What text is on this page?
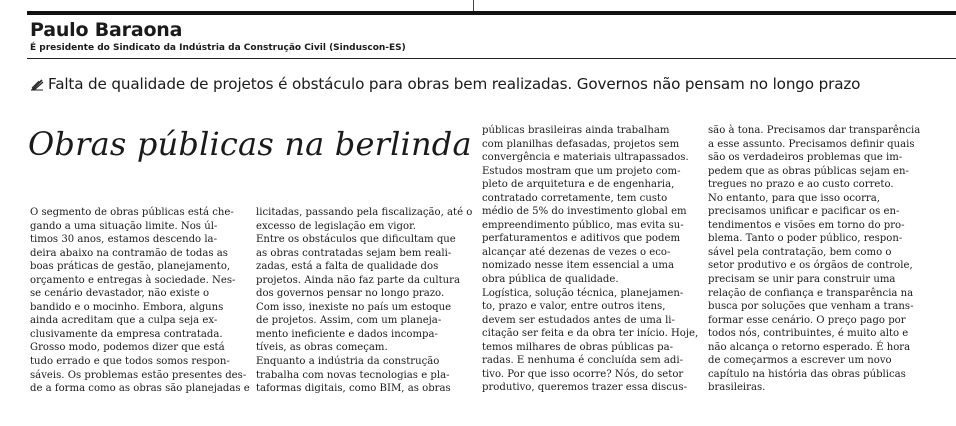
Paulo Baraona
É presidente do Sindicato da Indústria da Construção Civil (Sinduscon-ES)
Falta de qualidade de projetos é obstáculo para obras bem realizadas. Governos não pensam no longo prazo
Obras públicas na berlinda

O segmento de obras públicas está che-

gando a uma situação limite. Nos úl-

timos 30 anos, estamos descendo la-

deira abaixo na contramão de todas as

boas práticas de gestão, planejamento,

orçamento e entregas à sociedade. Nes-

se cenário devastador, não existe o

bandido e o mocinho. Embora, alguns

ainda acreditam que a culpa seja ex-

clusivamente da empresa contratada.

Grosso modo, podemos dizer que está

tudo errado e que todos somos respon-

sáveis. Os problemas estão presentes des-

de a forma como as obras são planejadas e

licitadas, passando pela fiscalização, até o

excesso de legislação em vigor.

Entre os obstáculos que dificultam que

as obras contratadas sejam bem reali-

zadas, está a falta de qualidade dos

projetos. Ainda não faz parte da cultura

dos governos pensar no longo prazo.

Com isso, inexiste no país um estoque

de projetos. Assim, com um planeja-

mento ineficiente e dados incompa-

tíveis, as obras começam.

Enquanto a indústria da construção

trabalha com novas tecnologias e pla-

taformas digitais, como BIM, as obras

públicas brasileiras ainda trabalham

com planilhas defasadas, projetos sem

convergência e materiais ultrapassados.

Estudos mostram que um projeto com-

pleto de arquitetura e de engenharia,

contratado corretamente, tem custo

médio de 5% do investimento global em

empreendimento público, mas evita su-

perfaturamentos e aditivos que podem

alcançar até dezenas de vezes o eco-

nomizado nesse item essencial a uma

obra pública de qualidade.

Logística, solução técnica, planejamen-

to, prazo e valor, entre outros itens,

devem ser estudados antes de uma li-

citação ser feita e da obra ter início. Hoje,

temos milhares de obras públicas pa-

radas. E nenhuma é concluída sem adi-

tivo. Por que isso ocorre? Nós, do setor

produtivo, queremos trazer essa discus-

são à tona. Precisamos dar transparência

a esse assunto. Precisamos definir quais

são os verdadeiros problemas que im-

pedem que as obras públicas sejam en-

tregues no prazo e ao custo correto.

No entanto, para que isso ocorra,

precisamos unificar e pacificar os en-

tendimentos e visões em torno do pro-

blema. Tanto o poder público, respon-

sável pela contratação, bem como o

setor produtivo e os órgãos de controle,

precisam se unir para construir uma

relação de confiança e transparência na

busca por soluções que venham a trans-

formar esse cenário. O preço pago por

todos nós, contribuintes, é muito alto e

não alcança o retorno esperado. É hora

de começarmos a escrever um novo

capítulo na história das obras públicas

brasileiras.
